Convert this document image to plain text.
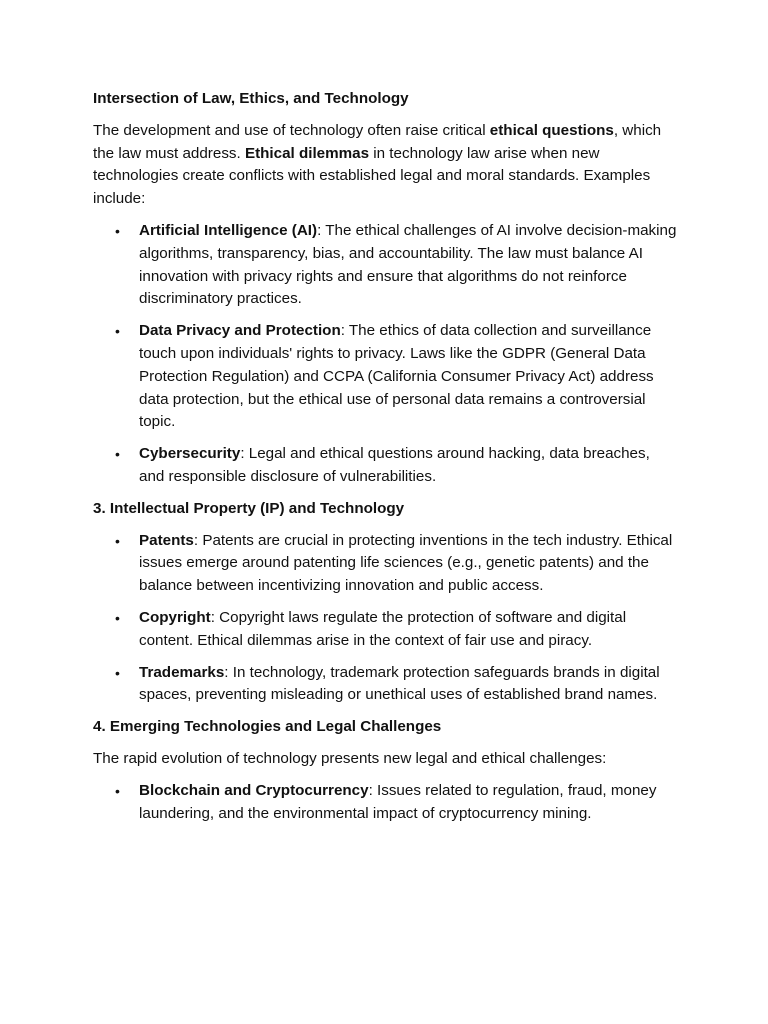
Intersection of Law, Ethics, and Technology

The development and use of technology often raise critical ethical questions, which the law must address. Ethical dilemmas in technology law arise when new technologies create conflicts with established legal and moral standards. Examples include:

• Artificial Intelligence (AI): The ethical challenges of AI involve decision-making algorithms, transparency, bias, and accountability. The law must balance AI innovation with privacy rights and ensure that algorithms do not reinforce discriminatory practices.
• Data Privacy and Protection: The ethics of data collection and surveillance touch upon individuals' rights to privacy. Laws like the GDPR (General Data Protection Regulation) and CCPA (California Consumer Privacy Act) address data protection, but the ethical use of personal data remains a controversial topic.
• Cybersecurity: Legal and ethical questions around hacking, data breaches, and responsible disclosure of vulnerabilities.
3. Intellectual Property (IP) and Technology
• Patents: Patents are crucial in protecting inventions in the tech industry. Ethical issues emerge around patenting life sciences (e.g., genetic patents) and the balance between incentivizing innovation and public access.
• Copyright: Copyright laws regulate the protection of software and digital content. Ethical dilemmas arise in the context of fair use and piracy.
• Trademarks: In technology, trademark protection safeguards brands in digital spaces, preventing misleading or unethical uses of established brand names.
4. Emerging Technologies and Legal Challenges

The rapid evolution of technology presents new legal and ethical challenges:

• Blockchain and Cryptocurrency: Issues related to regulation, fraud, money laundering, and the environmental impact of cryptocurrency mining.
